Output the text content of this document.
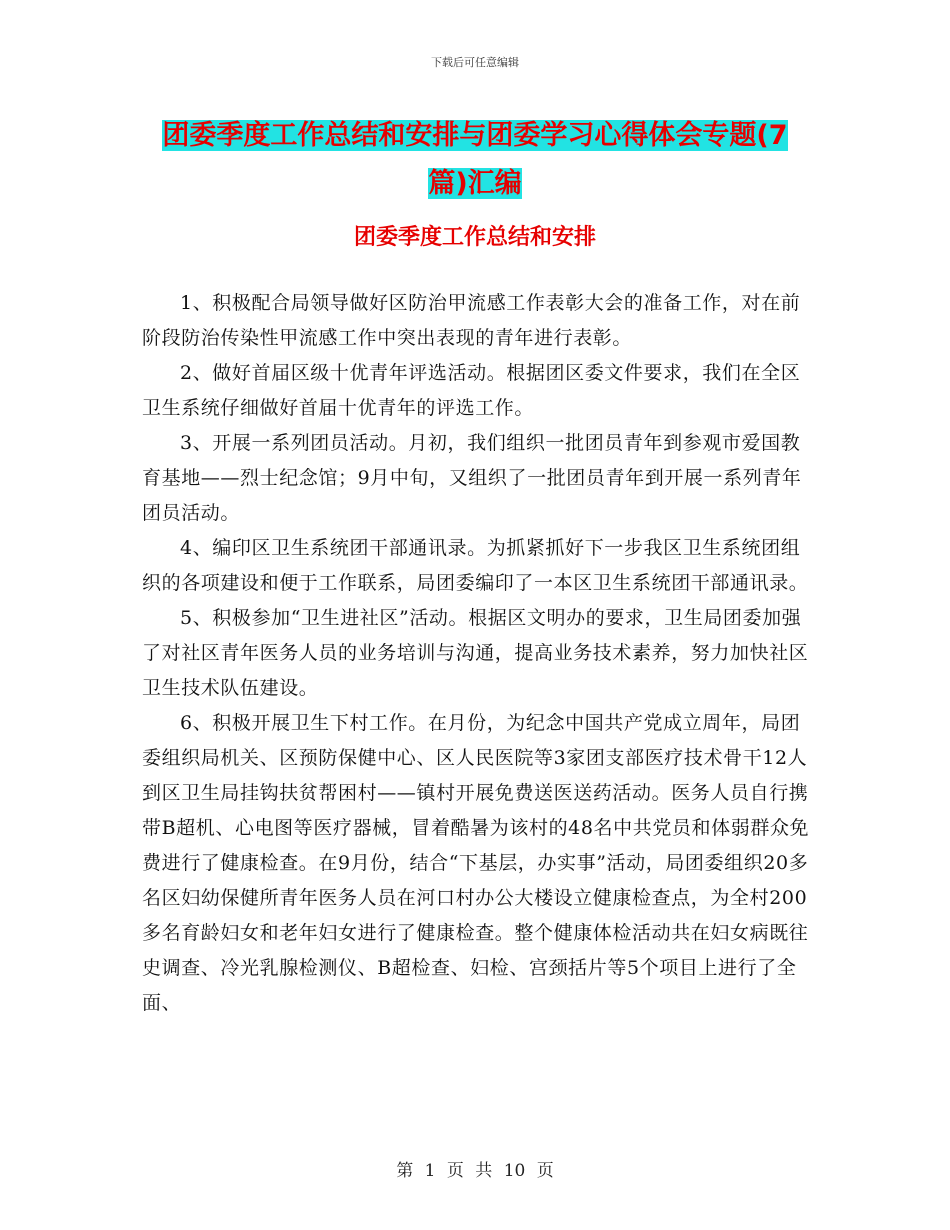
下载后可任意编辑
团委季度工作总结和安排与团委学习心得体会专题(7篇)汇编
团委季度工作总结和安排

1、积极配合局领导做好区防治甲流感工作表彰大会的准备工作，对在前阶段防治传染性甲流感工作中突出表现的青年进行表彰。

2、做好首届区级十优青年评选活动。根据团区委文件要求，我们在全区卫生系统仔细做好首届十优青年的评选工作。

3、开展一系列团员活动。月初，我们组织一批团员青年到参观市爱国教育基地——烈士纪念馆；9月中旬，又组织了一批团员青年到开展一系列青年团员活动。

4、编印区卫生系统团干部通讯录。为抓紧抓好下一步我区卫生系统团组织的各项建设和便于工作联系，局团委编印了一本区卫生系统团干部通讯录。

5、积极参加“卫生进社区”活动。根据区文明办的要求，卫生局团委加强了对社区青年医务人员的业务培训与沟通，提高业务技术素养，努力加快社区卫生技术队伍建设。

6、积极开展卫生下村工作。在月份，为纪念中国共产党成立周年，局团委组织局机关、区预防保健中心、区人民医院等3家团支部医疗技术骨干12人到区卫生局挂钩扶贫帮困村——镇村开展免费送医送药活动。医务人员自行携带B超机、心电图等医疗器械，冒着酷暑为该村的48名中共党员和体弱群众免费进行了健康检查。在9月份，结合“下基层，办实事”活动，局团委组织20多名区妇幼保健所青年医务人员在河口村办公大楼设立健康检查点，为全村200多名育龄妇女和老年妇女进行了健康检查。整个健康体检活动共在妇女病既往史调查、冷光乳腺检测仪、B超检查、妇检、宫颈括片等5个项目上进行了全面、

第 1 页 共 10 页
